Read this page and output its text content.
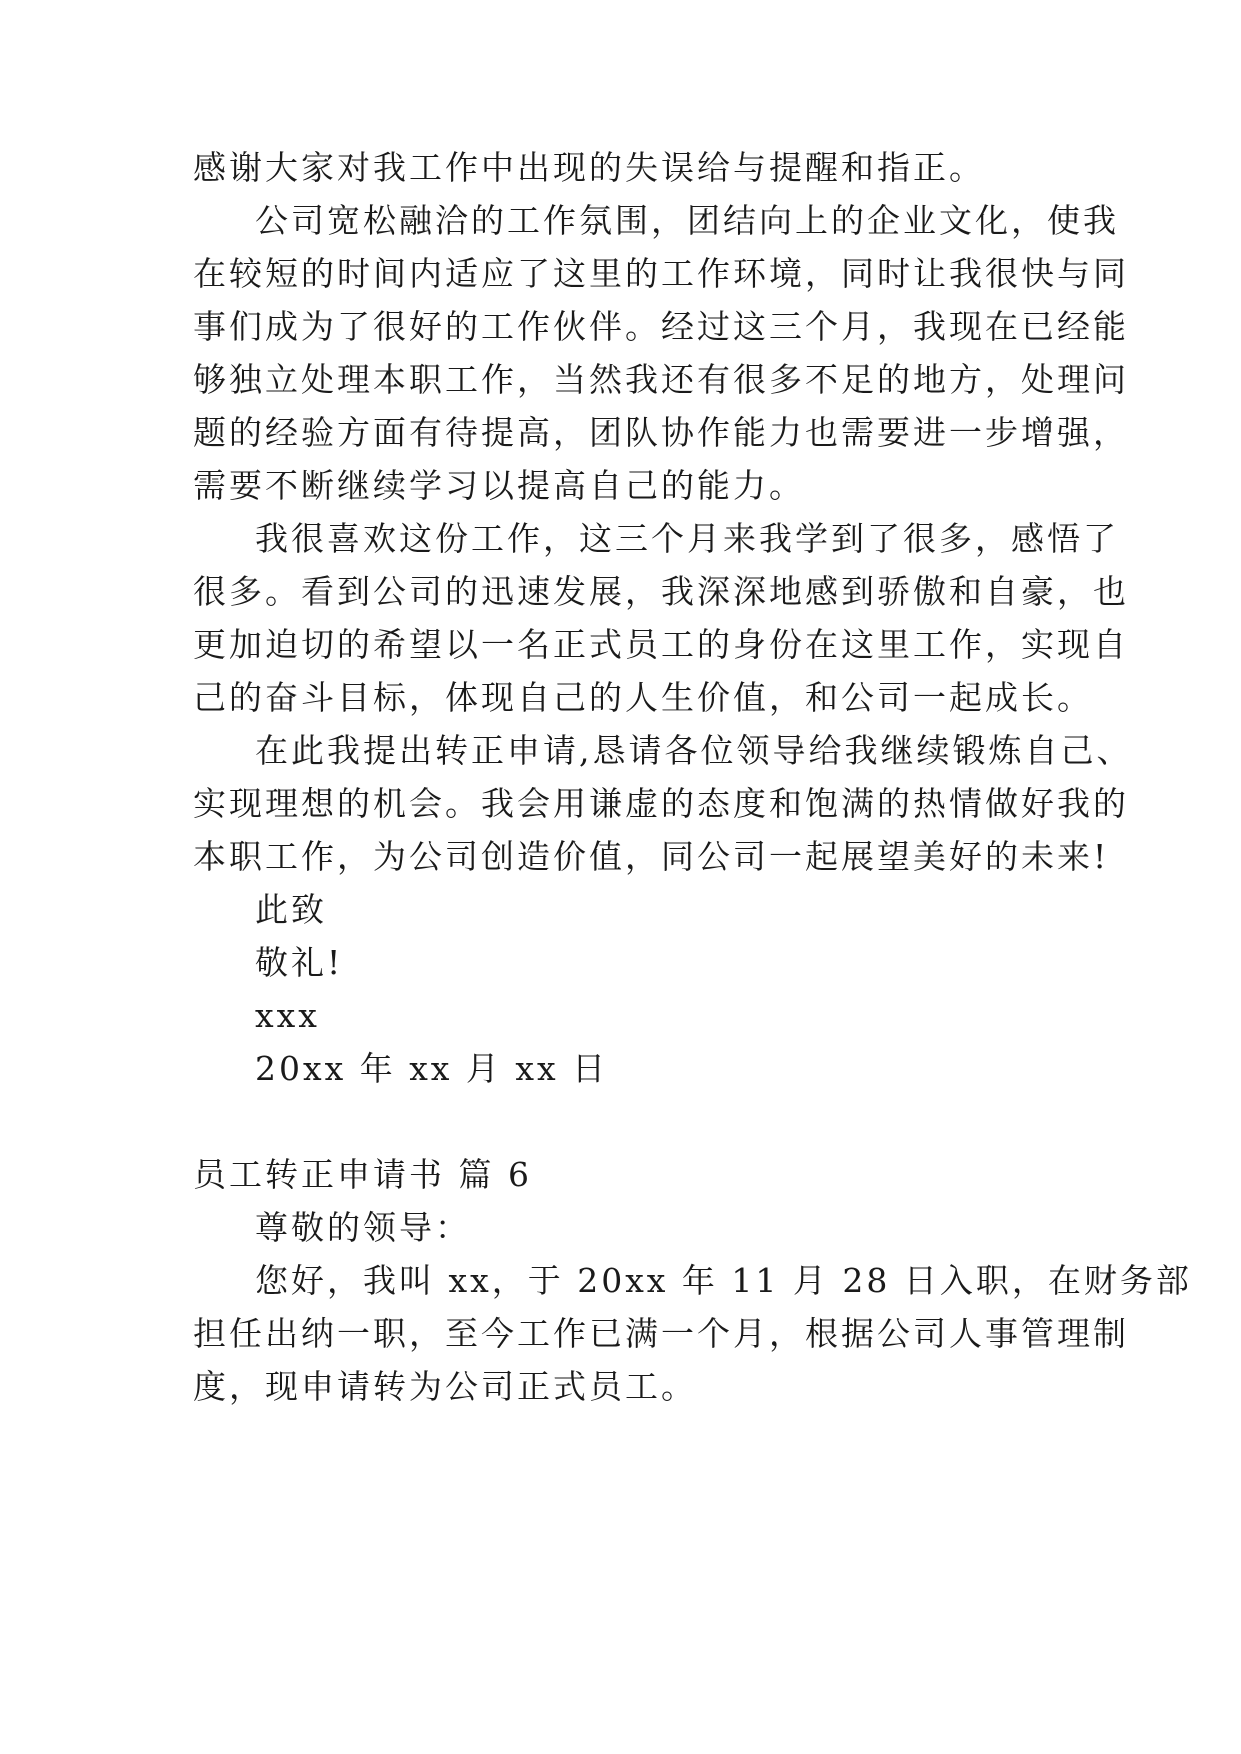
感谢大家对我工作中出现的失误给与提醒和指正。
公司宽松融洽的工作氛围，团结向上的企业文化，使我
在较短的时间内适应了这里的工作环境，同时让我很快与同
事们成为了很好的工作伙伴。经过这三个月，我现在已经能
够独立处理本职工作，当然我还有很多不足的地方，处理问
题的经验方面有待提高，团队协作能力也需要进一步增强，
需要不断继续学习以提高自己的能力。
我很喜欢这份工作，这三个月来我学到了很多，感悟了
很多。看到公司的迅速发展，我深深地感到骄傲和自豪，也
更加迫切的希望以一名正式员工的身份在这里工作，实现自
己的奋斗目标，体现自己的人生价值，和公司一起成长。
在此我提出转正申请,恳请各位领导给我继续锻炼自己、
实现理想的机会。我会用谦虚的态度和饱满的热情做好我的
本职工作，为公司创造价值，同公司一起展望美好的未来!
此致
敬礼!
xxx
20xx 年 xx 月 xx 日
员工转正申请书 篇 6
尊敬的领导：
您好，我叫 xx，于 20xx 年 11 月 28 日入职，在财务部
担任出纳一职，至今工作已满一个月，根据公司人事管理制
度，现申请转为公司正式员工。
